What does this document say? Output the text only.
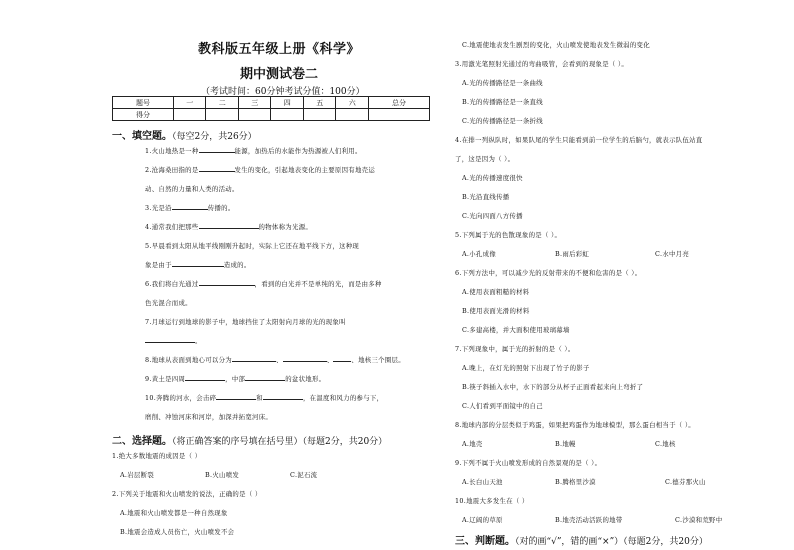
教科版五年级上册《科学》
期中测试卷二
（考试时间：60分钟考试分值：100分）
题号	一	二	三	四	五	六	总分
得分							
一、填空题。（每空2分，共26分）
1.火山地热是一种	能源，加热后的水能作为热源被人们利用。
2.沧海桑田指的是	发生的变化，引起地表变化的主要原因有地壳运
动、自然的力量和人类的活动。
3.光是沿	传播的。
4.通常我们把那些	的物体称为光源。
5.早晨看到太阳从地平线刚刚升起时，实际上它还在地平线下方，这种现
象是由于	造成的。
6.我们将白光通过	，看到的白光并不是单纯的光，而是由多种
色光混合而成。
7.月球运行到地球的影子中，地球挡住了太阳射向月球的光的现象叫
。
8.地球从表面到地心可以分为	、	、	、地核三个圈层。
9.黄土是四周	，中部	的盆状地形。
10.奔腾的河水，会击碎	和	，在温度和风力的参与下，
磨削、冲蚀河床和河岸，加深并拓宽河床。
二、选择题。（将正确答案的序号填在括号里）（每题2分，共20分）
1.绝大多数地震的成因是（ ）
A.岩层断裂	B.火山喷发	C.泥石流
2.下列关于地震和火山喷发的说法，正确的是（ ）
A.地震和火山喷发都是一种自然现象
B.地震会造成人员伤亡，火山喷发不会
C.地震使地表发生剧烈的变化，火山喷发使地表发生微弱的变化
3.用激光笔照射光通过的弯曲吸管，会看到的现象是（ ）。
A.光的传播路径是一条曲线
B.光的传播路径是一条直线
C.光的传播路径是一条折线
4.在排一列纵队时，如果队尾的学生只能看到前一位学生的后脑勺，就表示队伍站直
了，这是因为（ ）。
A.光的传播速度很快
B.光沿直线传播
C.光向四面八方传播
5.下列属于光的色散现象的是（ ）。
A.小孔成像	B.雨后彩虹	C.水中月亮
6.下列方法中，可以减少光的反射带来的不便和危害的是（ ）。
A.使用表面粗糙的材料
B.使用表面光滑的材料
C.多建高楼，并大面积使用玻璃幕墙
7.下列现象中，属于光的折射的是（ ）。
A.晚上，在灯光的照射下出现了竹子的影子
B.筷子斜插入水中，水下的部分从杯子正面看起来向上弯折了
C.人们看到平面镜中的自己
8.地球内部的分层类似于鸡蛋，如果把鸡蛋作为地球模型，那么蛋白相当于（ ）。
A.地壳	B.地幔	C.地核
9.下列不属于火山喷发形成的自然景观的是（ ）。
A.长白山天池	B.腾格里沙漠	C.德芬那火山
10.地震大多发生在（ ）
A.辽阔的草原	B.地壳活动活跃的地带	C.沙漠和荒野中
三、判断题。（对的画“√”，错的画“×”）（每题2分，共20分）
